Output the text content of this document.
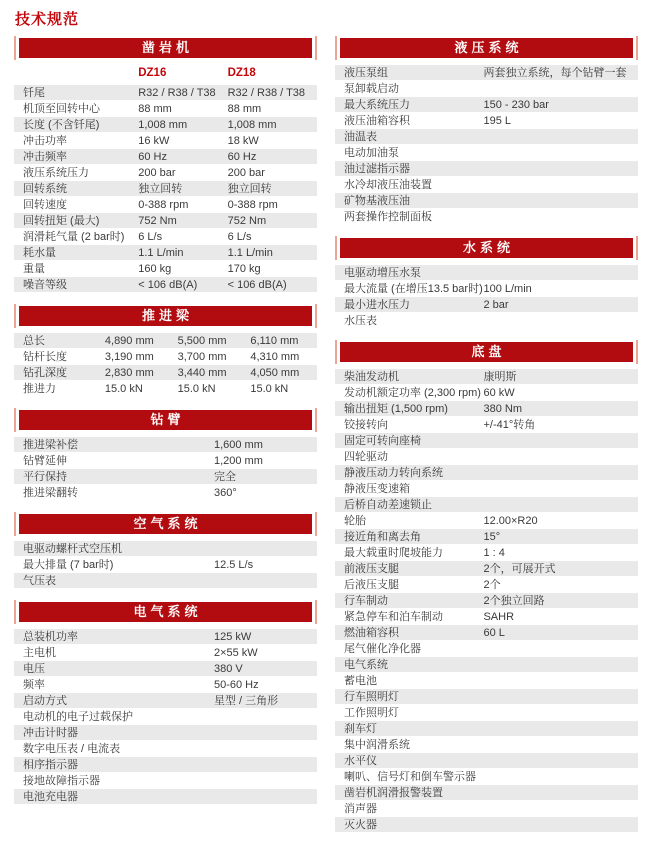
技术规范
凿岩机
	DZ16	DZ18
钎尾	R32 / R38 / T38	R32 / R38 / T38
机顶至回转中心	88 mm	88 mm
长度 (不含钎尾)	1,008 mm	1,008 mm
冲击功率	16 kW	18 kW
冲击频率	60 Hz	60 Hz
液压系统压力	200 bar	200 bar
回转系统	独立回转	独立回转
回转速度	0-388 rpm	0-388 rpm
回转扭矩 (最大)	752 Nm	752 Nm
润滑耗气量 (2 bar时)	6 L/s	6 L/s
耗水量	1.1 L/min	1.1 L/min
重量	160 kg	170 kg
噪音等级	< 106 dB(A)	< 106 dB(A)
推进梁
总长	4,890 mm	5,500 mm	6,110 mm
钻杆长度	3,190 mm	3,700 mm	4,310 mm
钻孔深度	2,830 mm	3,440 mm	4,050 mm
推进力	15.0 kN	15.0 kN	15.0 kN
钻臂
推进梁补偿	1,600 mm
钻臂延伸	1,200 mm
平行保持	完全
推进梁翻转	360°
空气系统
电驱动螺杆式空压机
最大排量 (7 bar时)	12.5 L/s
气压表
电气系统
总装机功率	125 kW
主电机	2×55 kW
电压	380 V
频率	50-60 Hz
启动方式	星型 / 三角形
电动机的电子过载保护	
冲击计时器	
数字电压表 / 电流表	
相序指示器	
接地故障指示器	
电池充电器	
液压系统
液压泵组	两套独立系统，每个钻臂一套
泵卸载启动	
最大系统压力	150 - 230 bar
液压油箱容积	195 L
油温表	
电动加油泵	
油过滤指示器	
水冷却液压油装置	
矿物基液压油	
两套操作控制面板	
水系统
电驱动增压水泵	
最大流量 (在增压13.5 bar时)	100 L/min
最小进水压力	2 bar
水压表	
底盘
柴油发动机	康明斯
发动机额定功率 (2,300 rpm)	60 kW
输出扭矩 (1,500 rpm)	380 Nm
铰接转向	+/-41°转角
固定可转向座椅	
四轮驱动	
静液压动力转向系统	
静液压变速箱	
后桥自动差速锁止	
轮胎	12.00×R20
接近角和离去角	15°
最大载重时爬坡能力	1 : 4
前液压支腿	2个，可展开式
后液压支腿	2个
行车制动	2个独立回路
紧急停车和泊车制动	SAHR
燃油箱容积	60 L
尾气催化净化器	
电气系统	
蓄电池	
行车照明灯	
工作照明灯	
刹车灯	
集中润滑系统	
水平仪	
喇叭、信号灯和倒车警示器	
凿岩机润滑报警装置	
消声器	
灭火器	
